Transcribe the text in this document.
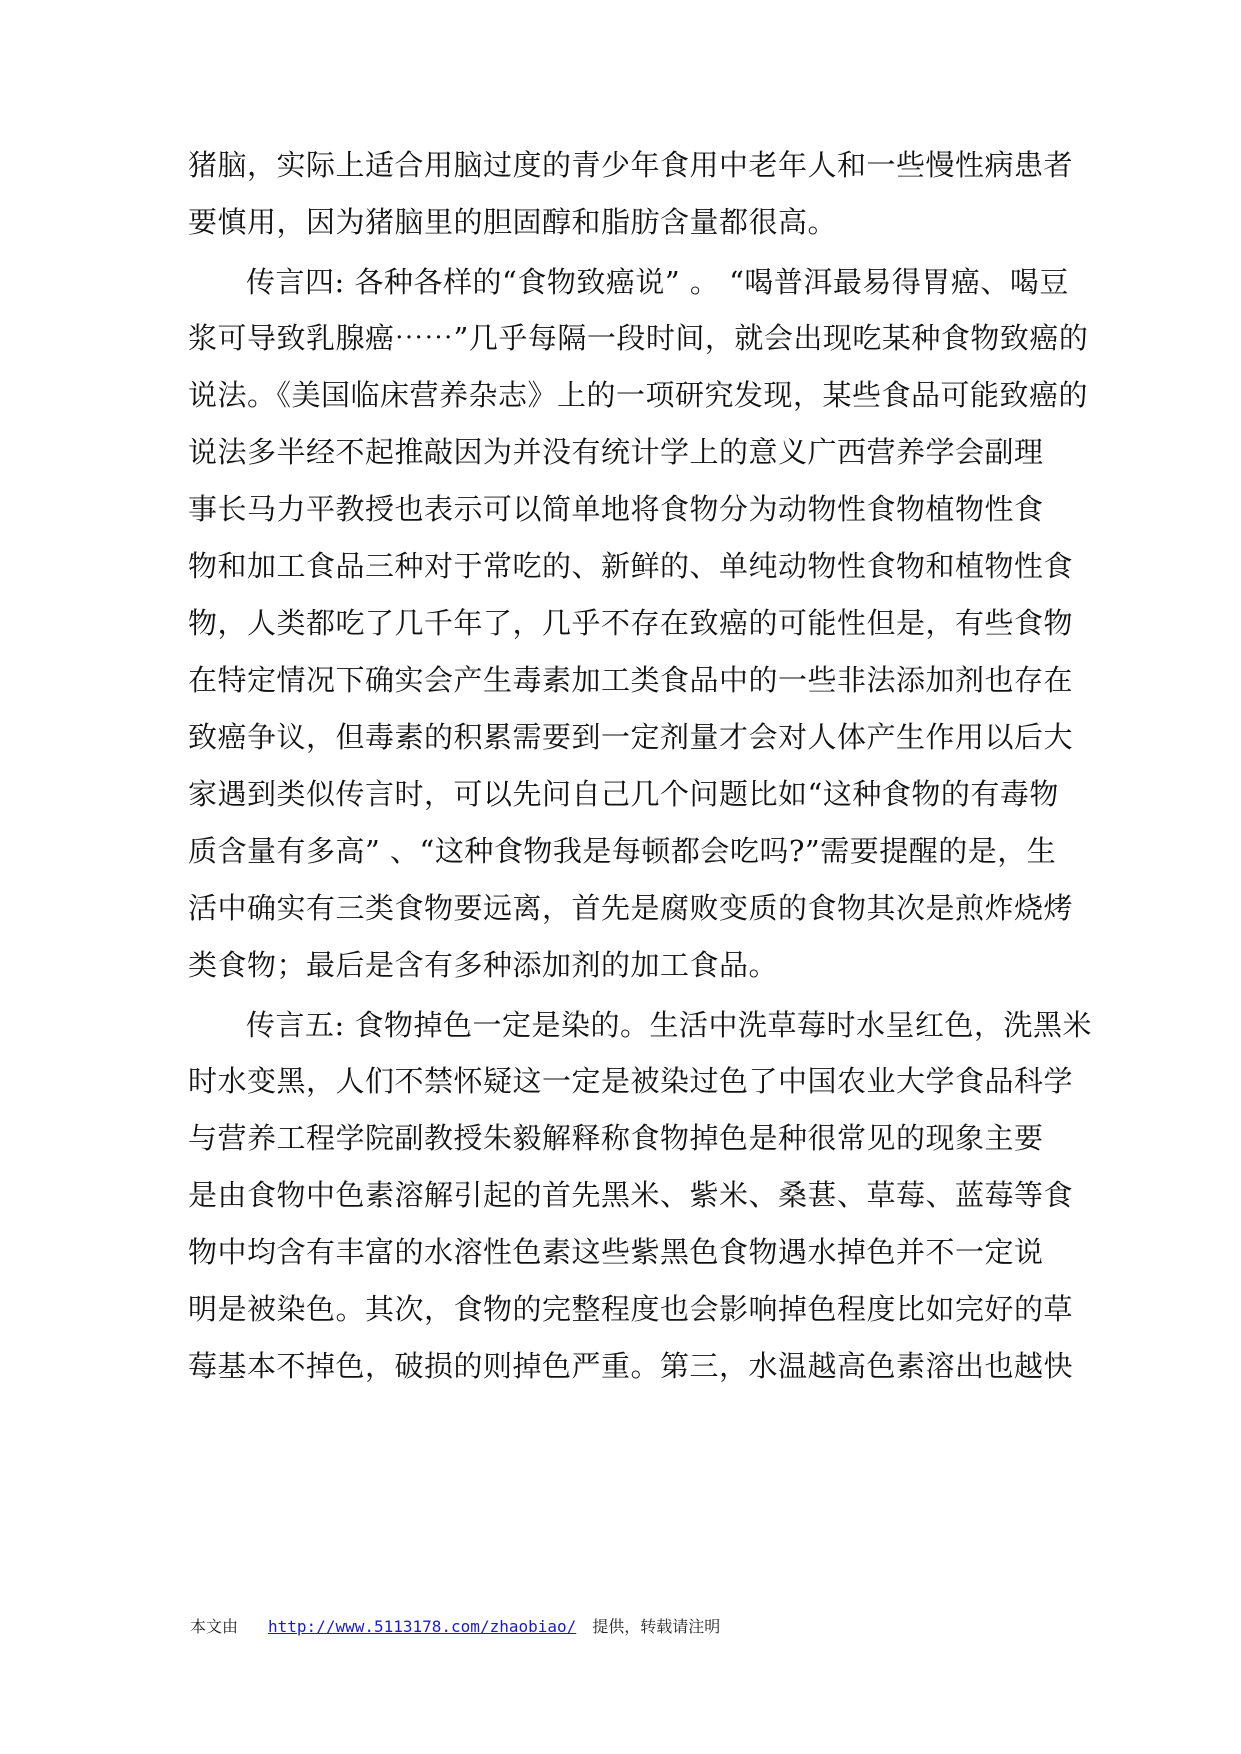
猪脑，实际上适合用脑过度的青少年食用中老年人和一些慢性病患者
要慎用，因为猪脑里的胆固醇和脂肪含量都很高。
传言四: 各种各样的“食物致癌说” 。 “喝普洱最易得胃癌、喝豆
浆可导致乳腺癌⋯⋯”几乎每隔一段时间，就会出现吃某种食物致癌的
说法。《美国临床营养杂志》上的一项研究发现，某些食品可能致癌的
说法多半经不起推敲因为并没有统计学上的意义广西营养学会副理
事长马力平教授也表示可以简单地将食物分为动物性食物植物性食
物和加工食品三种对于常吃的、新鲜的、单纯动物性食物和植物性食
物，人类都吃了几千年了，几乎不存在致癌的可能性但是，有些食物
在特定情况下确实会产生毒素加工类食品中的一些非法添加剂也存在
致癌争议，但毒素的积累需要到一定剂量才会对人体产生作用以后大
家遇到类似传言时，可以先问自己几个问题比如“这种食物的有毒物
质含量有多高” 、“这种食物我是每顿都会吃吗?”需要提醒的是，生
活中确实有三类食物要远离，首先是腐败变质的食物其次是煎炸烧烤
类食物；最后是含有多种添加剂的加工食品。
传言五: 食物掉色一定是染的。生活中洗草莓时水呈红色，洗黑米
时水变黑，人们不禁怀疑这一定是被染过色了中国农业大学食品科学
与营养工程学院副教授朱毅解释称食物掉色是种很常见的现象主要
是由食物中色素溶解引起的首先黑米、紫米、桑葚、草莓、蓝莓等食
物中均含有丰富的水溶性色素这些紫黑色食物遇水掉色并不一定说
明是被染色。其次，食物的完整程度也会影响掉色程度比如完好的草
莓基本不掉色，破损的则掉色严重。第三，水温越高色素溶出也越快
本文由 http://www.5113178.com/zhaobiao/ 提供，转载请注明
